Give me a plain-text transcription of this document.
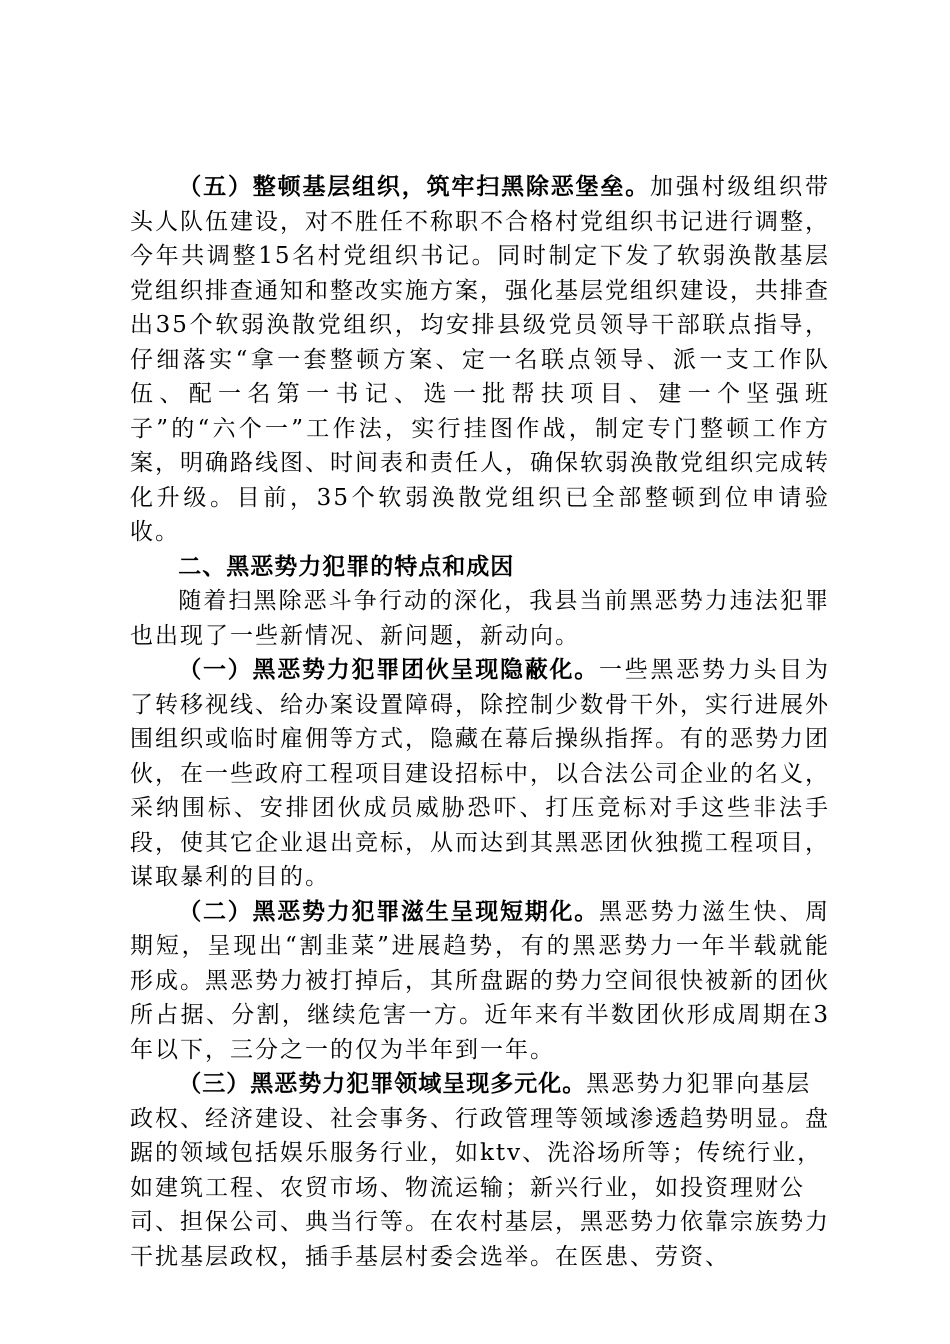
（五）整顿基层组织，筑牢扫黑除恶堡垒。加强村级组织带头人队伍建设，对不胜任不称职不合格村党组织书记进行调整，今年共调整15名村党组织书记。同时制定下发了软弱涣散基层党组织排查通知和整改实施方案，强化基层党组织建设，共排查出35个软弱涣散党组织，均安排县级党员领导干部联点指导，仔细落实“拿一套整顿方案、定一名联点领导、派一支工作队伍、配一名第一书记、选一批帮扶项目、建一个坚强班子”的“六个一”工作法，实行挂图作战，制定专门整顿工作方案，明确路线图、时间表和责任人，确保软弱涣散党组织完成转化升级。目前，35个软弱涣散党组织已全部整顿到位申请验收。

二、黑恶势力犯罪的特点和成因

随着扫黑除恶斗争行动的深化，我县当前黑恶势力违法犯罪也出现了一些新情况、新问题，新动向。

（一）黑恶势力犯罪团伙呈现隐蔽化。一些黑恶势力头目为了转移视线、给办案设置障碍，除控制少数骨干外，实行进展外围组织或临时雇佣等方式，隐藏在幕后操纵指挥。有的恶势力团伙，在一些政府工程项目建设招标中，以合法公司企业的名义，采纳围标、安排团伙成员威胁恐吓、打压竞标对手这些非法手段，使其它企业退出竞标，从而达到其黑恶团伙独揽工程项目，谋取暴利的目的。

（二）黑恶势力犯罪滋生呈现短期化。黑恶势力滋生快、周期短，呈现出“割韭菜”进展趋势，有的黑恶势力一年半载就能形成。黑恶势力被打掉后，其所盘踞的势力空间很快被新的团伙所占据、分割，继续危害一方。近年来有半数团伙形成周期在3年以下，三分之一的仅为半年到一年。

（三）黑恶势力犯罪领域呈现多元化。黑恶势力犯罪向基层政权、经济建设、社会事务、行政管理等领域渗透趋势明显。盘踞的领域包括娱乐服务行业，如ktv、洗浴场所等；传统行业，如建筑工程、农贸市场、物流运输；新兴行业，如投资理财公司、担保公司、典当行等。在农村基层，黑恶势力依靠宗族势力干扰基层政权，插手基层村委会选举。在医患、劳资、
